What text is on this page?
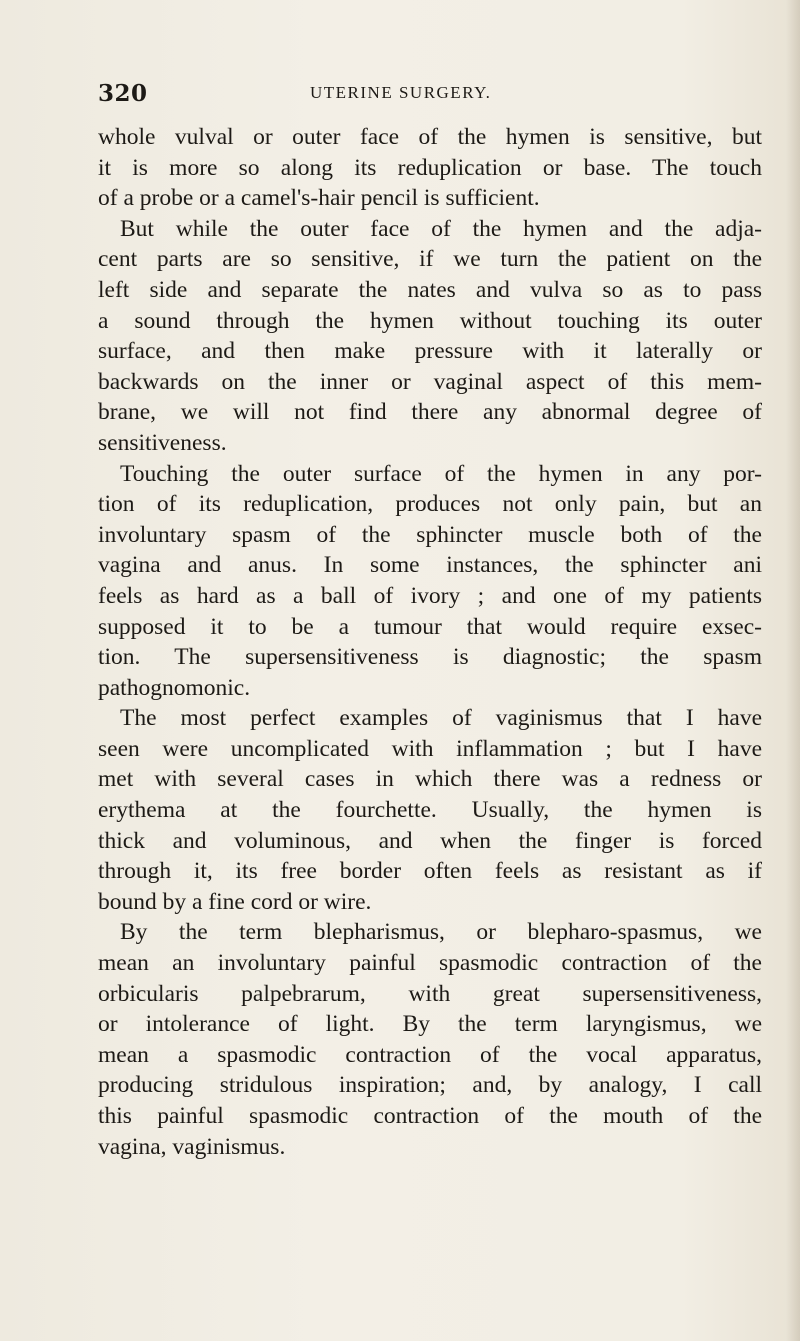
320	UTERINE SURGERY.
whole vulval or outer face of the hymen is sensitive, but
it is more so along its reduplication or base. The touch
of a probe or a camel's-hair pencil is sufficient.
But while the outer face of the hymen and the adja-
cent parts are so sensitive, if we turn the patient on the
left side and separate the nates and vulva so as to pass
a sound through the hymen without touching its outer
surface, and then make pressure with it laterally or
backwards on the inner or vaginal aspect of this mem-
brane, we will not find there any abnormal degree of
sensitiveness.
Touching the outer surface of the hymen in any por-
tion of its reduplication, produces not only pain, but an
involuntary spasm of the sphincter muscle both of the
vagina and anus. In some instances, the sphincter ani
feels as hard as a ball of ivory ; and one of my patients
supposed it to be a tumour that would require exsec-
tion. The supersensitiveness is diagnostic; the spasm
pathognomonic.
The most perfect examples of vaginismus that I have
seen were uncomplicated with inflammation ; but I have
met with several cases in which there was a redness or
erythema at the fourchette. Usually, the hymen is
thick and voluminous, and when the finger is forced
through it, its free border often feels as resistant as if
bound by a fine cord or wire.
By the term blepharismus, or blepharo-spasmus, we
mean an involuntary painful spasmodic contraction of the
orbicularis palpebrarum, with great supersensitiveness,
or intolerance of light. By the term laryngismus, we
mean a spasmodic contraction of the vocal apparatus,
producing stridulous inspiration; and, by analogy, I call
this painful spasmodic contraction of the mouth of the
vagina, vaginismus.
